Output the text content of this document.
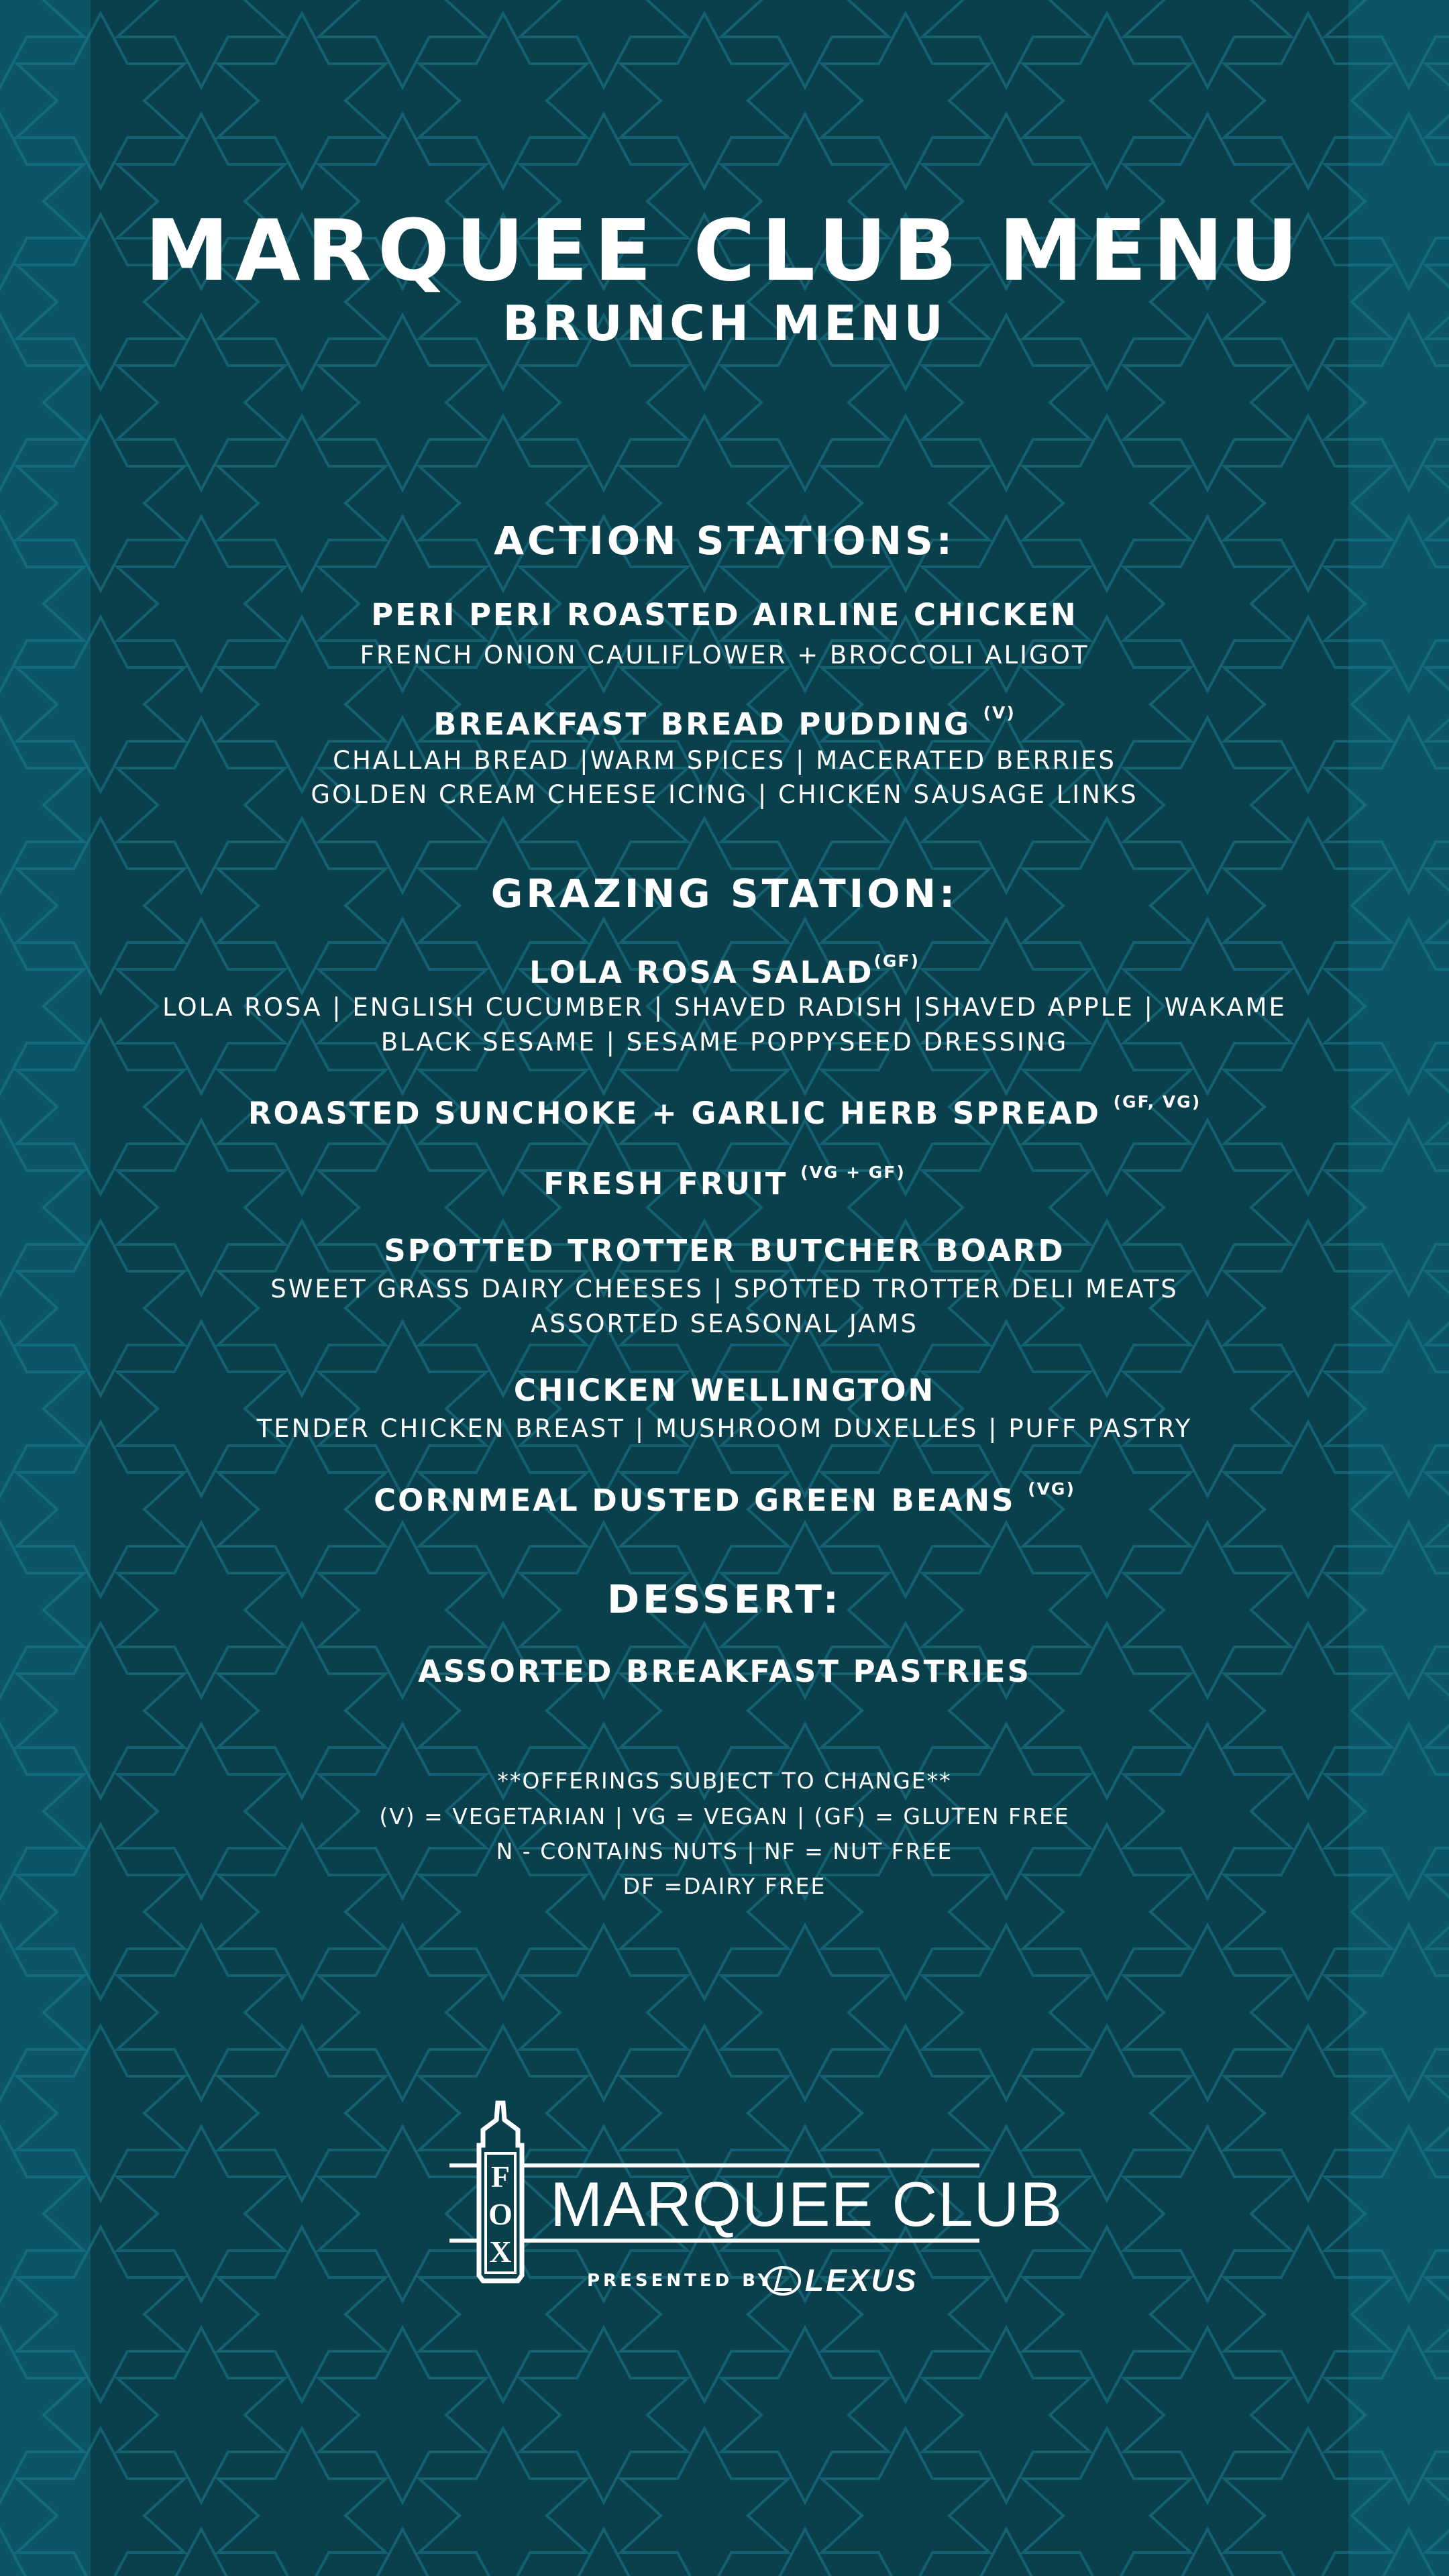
MARQUEE CLUB MENU
BRUNCH MENU
ACTION STATIONS:
PERI PERI ROASTED AIRLINE CHICKEN
FRENCH ONION CAULIFLOWER + BROCCOLI ALIGOT
BREAKFAST BREAD PUDDING $^{(V)}$
CHALLAH BREAD |WARM SPICES | MACERATED BERRIES
GOLDEN CREAM CHEESE ICING | CHICKEN SAUSAGE LINKS
GRAZING STATION:
LOLA ROSA $SALAD^{(GF)}$
LOLA ROSA | ENGLISH CUCUMBER | SHAVED RADISH |SHAVED APPLE | WAKAME
BLACK SESAME | SESAME POPPYSEED DRESSING
ROASTED SUNCHOKE + GARLIC HERB SPREAD $^{(GF, VG)}$
FRESH FRUIT $^{(VG + GF)}$
SPOTTED TROTTER BUTCHER BOARD
SWEET GRASS DAIRY CHEESES | SPOTTED TROTTER DELI MEATS
ASSORTED SEASONAL JAMS
CHICKEN WELLINGTON
TENDER CHICKEN BREAST | MUSHROOM DUXELLES | PUFF PASTRY
CORNMEAL DUSTED GREEN BEANS $^{(VG)}$
DESSERT:
ASSORTED BREAKFAST PASTRIES
**OFFERINGS SUBJECT TO CHANGE**
(V) = VEGETARIAN | VG = VEGAN | (GF) = GLUTEN FREE
N - CONTAINS NUTS | NF = NUT FREE
DF =DAIRY FREE
F
O
X
MARQUEE CLUB
PRESENTED BY LEXUS
